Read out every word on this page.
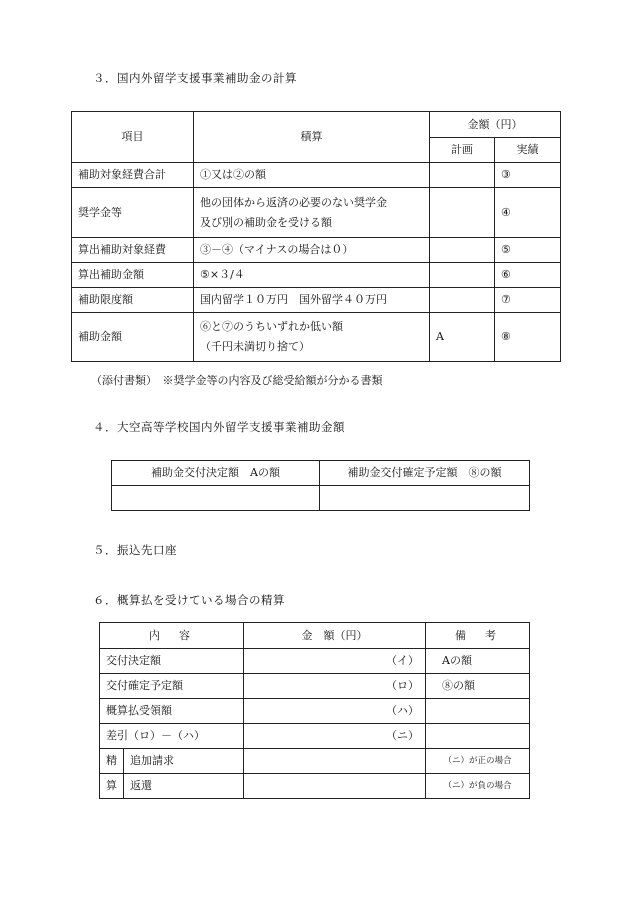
３．国内外留学支援事業補助金の計算
項目	積算	金額（円）	
		計画	実績
補助対象経費合計	①又は②の額		③
奨学金等	他の団体から返済の必要のない奨学金
及び別の補助金を受ける額		④
算出補助対象経費	③－④（マイナスの場合は０）		⑤
算出補助金額	⑤×３/４		⑥
補助限度額	国内留学１０万円　国外留学４０万円		⑦
補助金額	⑥と⑦のうちいずれか低い額
（千円未満切り捨て）	A	⑧
（添付書類）　※奨学金等の内容及び総受給額が分かる書類
４．大空高等学校国内外留学支援事業補助金額
補助金交付決定額　Aの額	補助金交付確定予定額　⑧の額

５．振込先口座
６．概算払を受けている場合の精算
内　容		金　額（円）	備　考
交付決定額		（イ）	Aの額
交付確定予定額		（ロ）	⑧の額
概算払受領額		（ハ）	
差引（ロ）－（ハ）		（ニ）	
精	追加請求		（ニ）が正の場合
算	返還		（ニ）が負の場合
